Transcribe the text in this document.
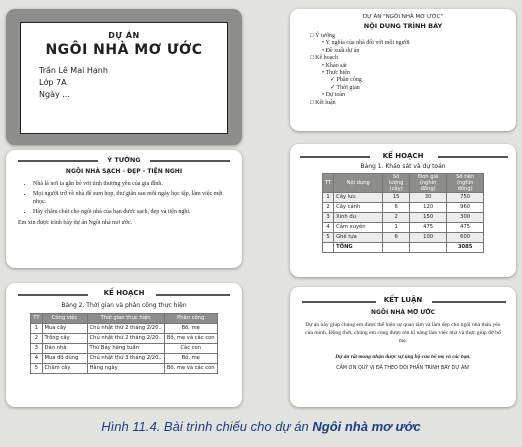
DỰ ÁN
NGÔI NHÀ MƠ ƯỚC
Trần Lê Mai Hạnh
Lớp 7A
Ngày ...
DỰ ÁN "NGÔI NHÀ MƠ ƯỚC"
NỘI DUNG TRÌNH BÀY
□ Ý tưởng
• Ý nghĩa của nhà đối với mỗi người
• Đề xuất dự án
□ Kế hoạch
• Khảo sát
• Thực hiện
✓ Phân công
✓ Thời gian
• Dự toán
□ Kết luận
Ý TƯỞNG
NGÔI NHÀ SẠCH - ĐẸP - TIỆN NGHI
• Nhà là nơi ta gắn bó với tình thương yêu của gia đình.
• Mọi người trở về nhà để sum họp, thư giãn sau mỗi ngày học tập, làm việc mệt nhọc.
• Hãy chăm chút cho ngôi nhà của bạn được sạch, đẹp và tiện nghi.
Em xin được trình bày dự án Ngôi nhà mơ ước.
KẾ HOẠCH
Bảng 1. Khảo sát và dự toán
TT	Nội dung	Số lượng (cây)	Đơn giá (nghìn đồng)	Số tiền (nghìn đồng)
1	Cây lưu	15	30	750
2	Cây cảnh	6	120	960
3	Xinh đu	2	150	300
4	Cắm xuyên	1	475	475
5	Ghế tựa	6	100	600
	TỔNG			3085
KẾ HOẠCH
Bảng 2. Thời gian và phân công thực hiện
TT	Công việc	Thời gian thực hiện	Phân công
1	Mua cây	Chủ nhật thứ 2 tháng 2/20..	Bố, mẹ
2	Trồng cây	Chủ nhật thứ 2 tháng 2/20..	Bố, mẹ và các con
3	Dán nhà	Thứ Bảy hàng tuần	Các con
4	Mua đồ dùng	Chủ nhật thứ 3 tháng 2/20..	Bố, mẹ
5	Chăm cây	Hằng ngày	Bố, mẹ và các con
KẾT LUẬN
NGÔI NHÀ MƠ ƯỚC
Dự án này giúp chúng em được thể hiện sự quan tâm và làm đẹp cho ngôi nhà thân yêu của mình. Đồng thời, chúng em củng được rèn kĩ năng làm việc nhà và thực giúp đỡ bố mẹ.
Dự án rất mong nhận được sự ủng hộ của bố mẹ và các bạn.
CẢM ƠN QUÝ VỊ ĐÃ THEO DÕI PHẦN TRÌNH BÀY DỰ ÁN!
Hình 11.4. Bài trình chiếu cho dự án Ngôi nhà mơ ước
